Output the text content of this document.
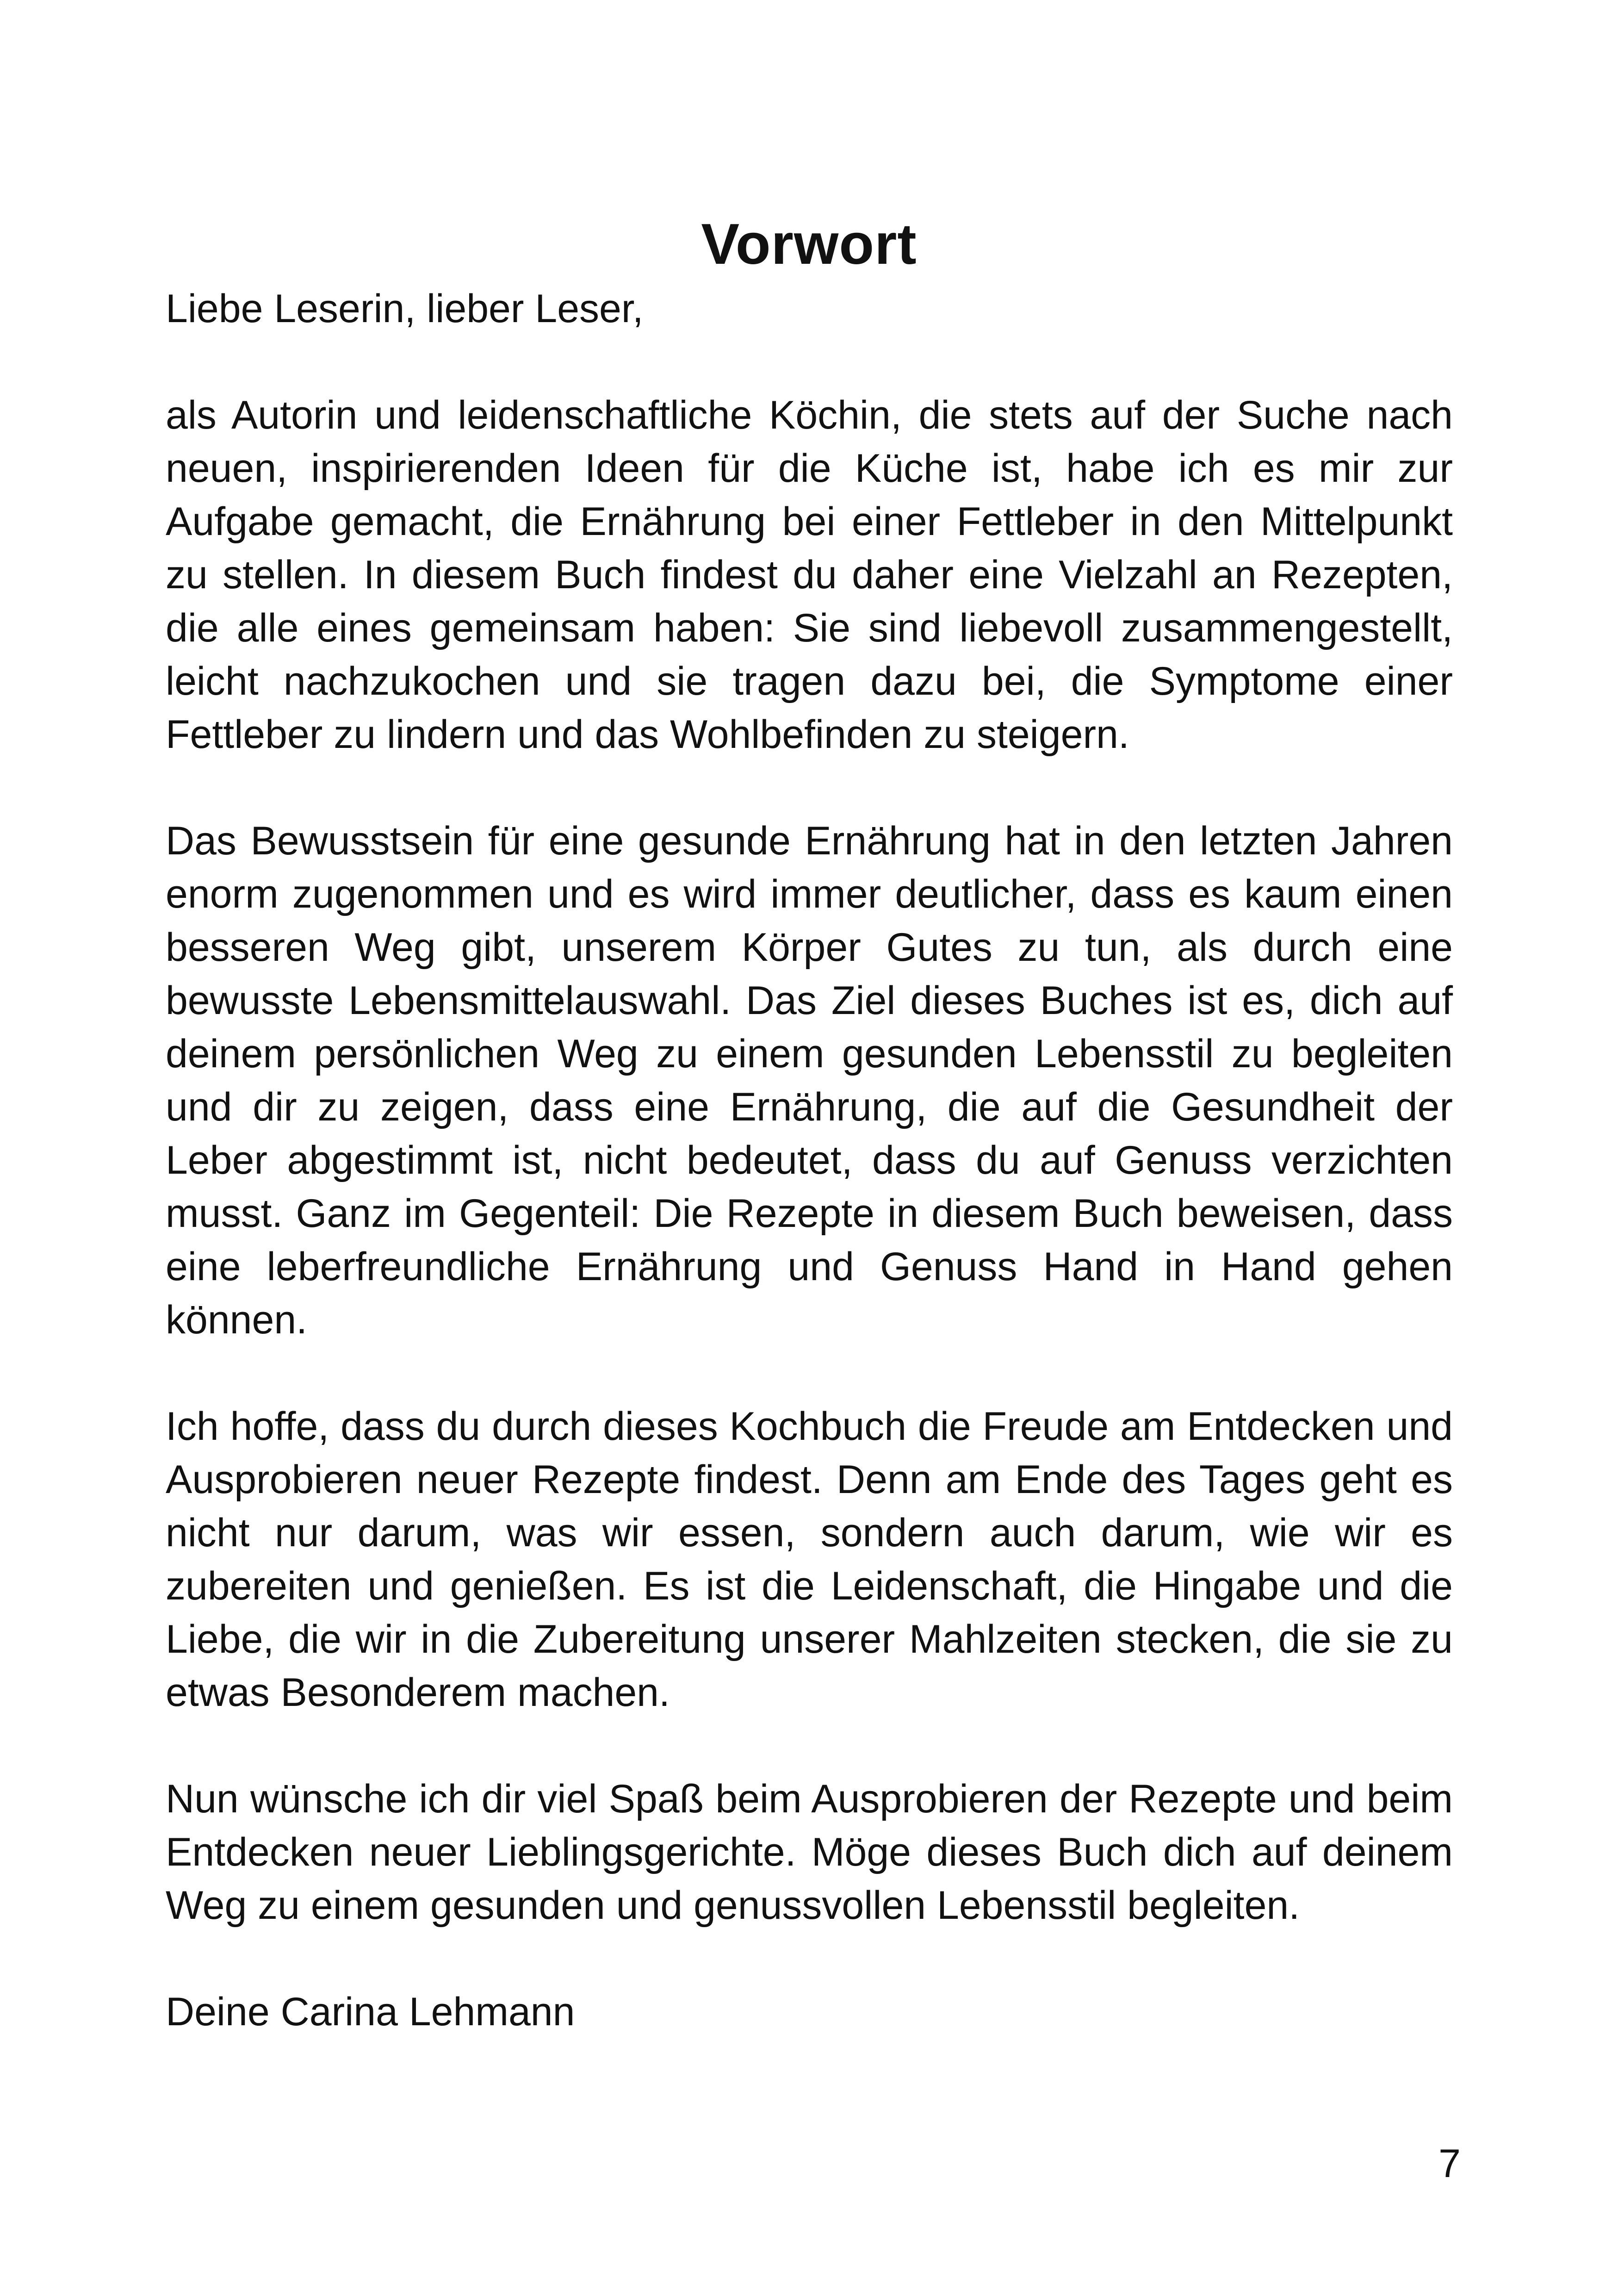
Vorwort

Liebe Leserin, lieber Leser,

als Autorin und leidenschaftliche Köchin, die stets auf der Suche nach neuen, inspirierenden Ideen für die Küche ist, habe ich es mir zur Aufgabe gemacht, die Ernährung bei einer Fettleber in den Mittelpunkt zu stellen. In diesem Buch findest du daher eine Vielzahl an Rezepten, die alle eines gemeinsam haben: Sie sind liebevoll zusammengestellt, leicht nachzukochen und sie tragen dazu bei, die Symptome einer Fettleber zu lindern und das Wohlbefinden zu steigern.

Das Bewusstsein für eine gesunde Ernährung hat in den letzten Jahren enorm zugenommen und es wird immer deutlicher, dass es kaum einen besseren Weg gibt, unserem Körper Gutes zu tun, als durch eine bewusste Lebensmittelauswahl. Das Ziel dieses Buches ist es, dich auf deinem persönlichen Weg zu einem gesunden Lebensstil zu begleiten und dir zu zeigen, dass eine Ernährung, die auf die Gesundheit der Leber abgestimmt ist, nicht bedeutet, dass du auf Genuss verzichten musst. Ganz im Gegenteil: Die Rezepte in diesem Buch beweisen, dass eine leberfreundliche Ernährung und Genuss Hand in Hand gehen können.

Ich hoffe, dass du durch dieses Kochbuch die Freude am Entdecken und Ausprobieren neuer Rezepte findest. Denn am Ende des Tages geht es nicht nur darum, was wir essen, sondern auch darum, wie wir es zubereiten und genießen. Es ist die Leidenschaft, die Hingabe und die Liebe, die wir in die Zubereitung unserer Mahlzeiten stecken, die sie zu etwas Besonderem machen.

Nun wünsche ich dir viel Spaß beim Ausprobieren der Rezepte und beim Entdecken neuer Lieblingsgerichte. Möge dieses Buch dich auf deinem Weg zu einem gesunden und genussvollen Lebensstil begleiten.

Deine Carina Lehmann

7
